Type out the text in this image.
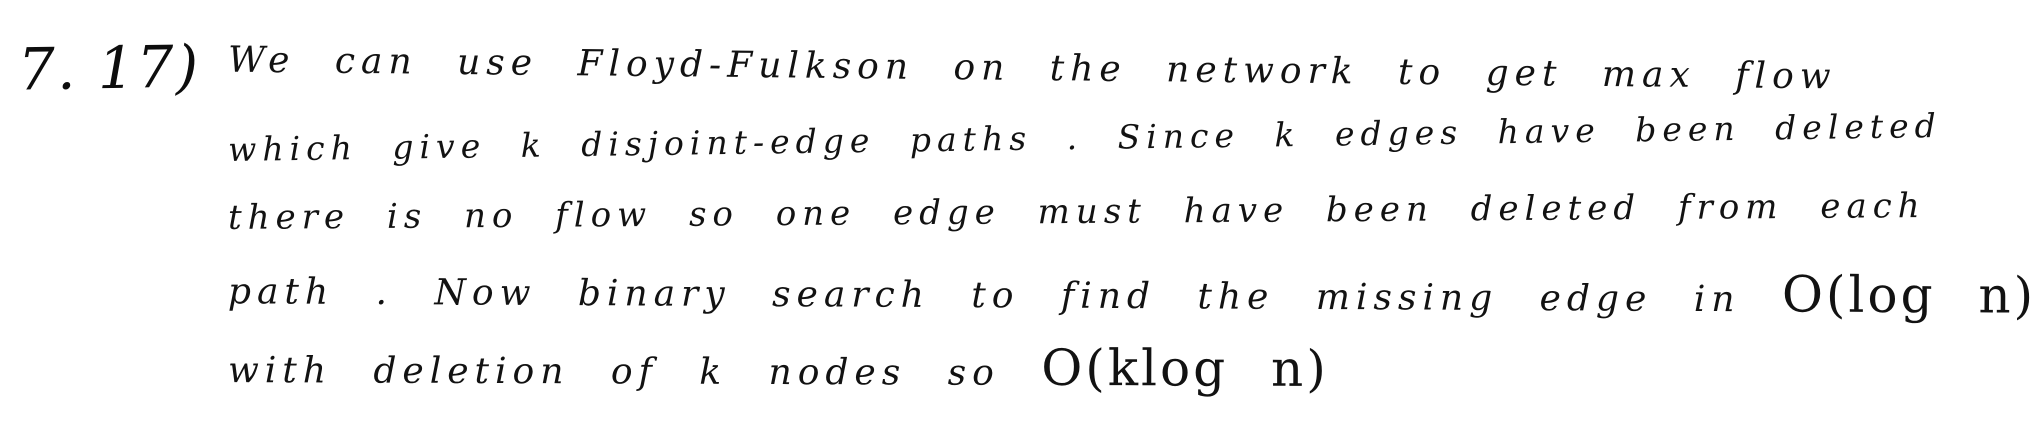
7. 17) We can use Floyd-Fulkson on the network to get max flow
which give k disjoint-edge paths . Since k edges have been deleted
there is no flow so one edge must have been deleted from each
path . Now binary search to find the missing edge in O(log n)
with deletion of k nodes so O(klog n)
